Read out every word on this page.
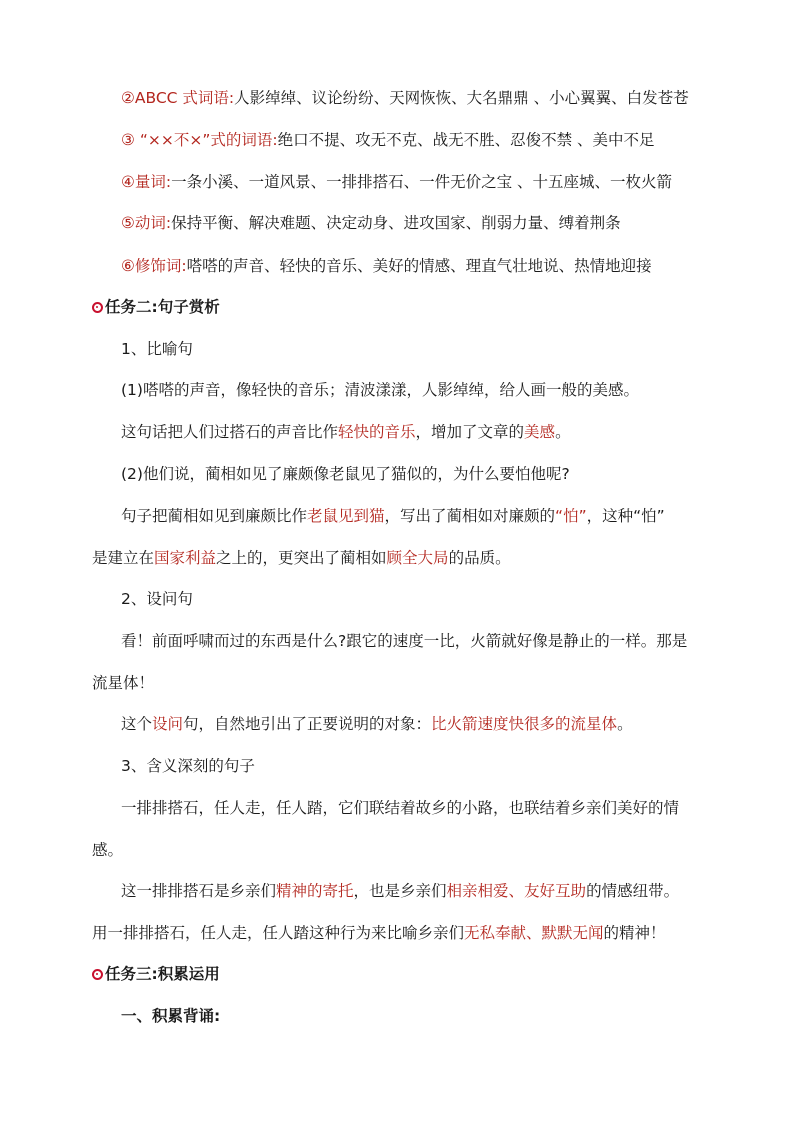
②ABCC 式词语:人影绰绰、议论纷纷、天网恢恢、大名鼎鼎 、小心翼翼、白发苍苍
③ “××不×”式的词语:绝口不提、攻无不克、战无不胜、忍俊不禁 、美中不足
④量词:一条小溪、一道风景、一排排搭石、一件无价之宝 、十五座城、一枚火箭
⑤动词:保持平衡、解决难题、决定动身、进攻国家、削弱力量、缚着荆条
⑥修饰词:嗒嗒的声音、轻快的音乐、美好的情感、理直气壮地说、热情地迎接
任务二:句子赏析
1、比喻句
(1)嗒嗒的声音，像轻快的音乐；清波漾漾，人影绰绰，给人画一般的美感。
这句话把人们过搭石的声音比作轻快的音乐，增加了文章的美感。
(2)他们说，蔺相如见了廉颇像老鼠见了猫似的，为什么要怕他呢?
句子把蔺相如见到廉颇比作老鼠见到猫，写出了蔺相如对廉颇的“怕”，这种“怕”
是建立在国家利益之上的，更突出了蔺相如顾全大局的品质。
2、设问句
看！前面呼啸而过的东西是什么?跟它的速度一比，火箭就好像是静止的一样。那是
流星体！
这个设问句，自然地引出了正要说明的对象：比火箭速度快很多的流星体。
3、含义深刻的句子
一排排搭石，任人走，任人踏，它们联结着故乡的小路，也联结着乡亲们美好的情
感。
这一排排搭石是乡亲们精神的寄托，也是乡亲们相亲相爱、友好互助的情感纽带。
用一排排搭石，任人走，任人踏这种行为来比喻乡亲们无私奉献、默默无闻的精神！
任务三:积累运用
一、积累背诵:
